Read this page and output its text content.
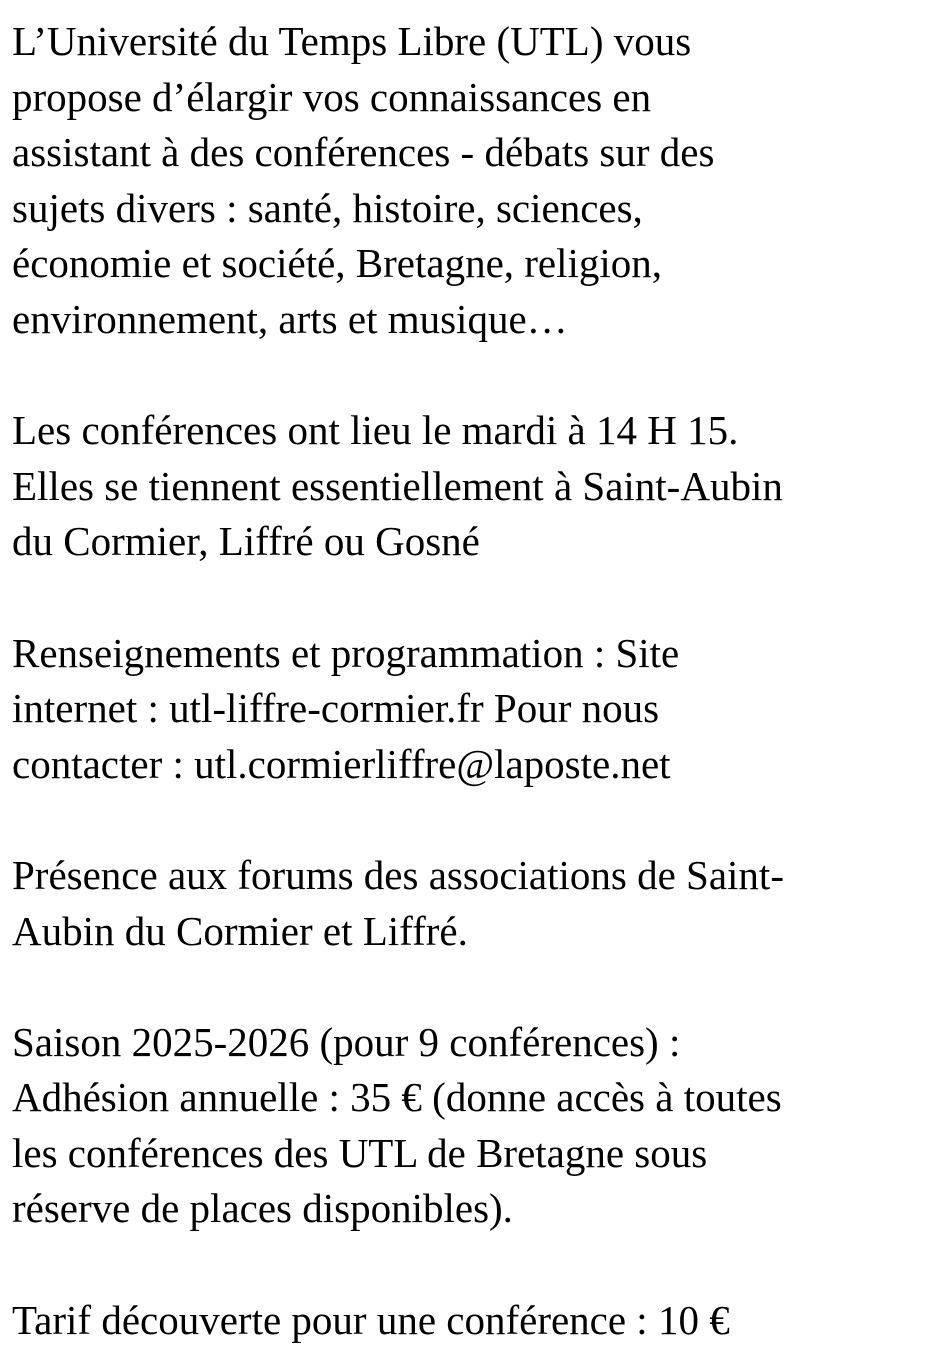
L’Université du Temps Libre (UTL) vous
propose d’élargir vos connaissances en
assistant à des conférences - débats sur des
sujets divers : santé, histoire, sciences,
économie et société, Bretagne, religion,
environnement, arts et musique…
Les conférences ont lieu le mardi à 14 H 15.
Elles se tiennent essentiellement à Saint-Aubin
du Cormier, Liffré ou Gosné
Renseignements et programmation : Site
internet : utl-liffre-cormier.fr Pour nous
contacter : utl.cormierliffre@laposte.net
Présence aux forums des associations de Saint-
Aubin du Cormier et Liffré.
Saison 2025-2026 (pour 9 conférences) :
Adhésion annuelle : 35 € (donne accès à toutes
les conférences des UTL de Bretagne sous
réserve de places disponibles).
Tarif découverte pour une conférence : 10 €
